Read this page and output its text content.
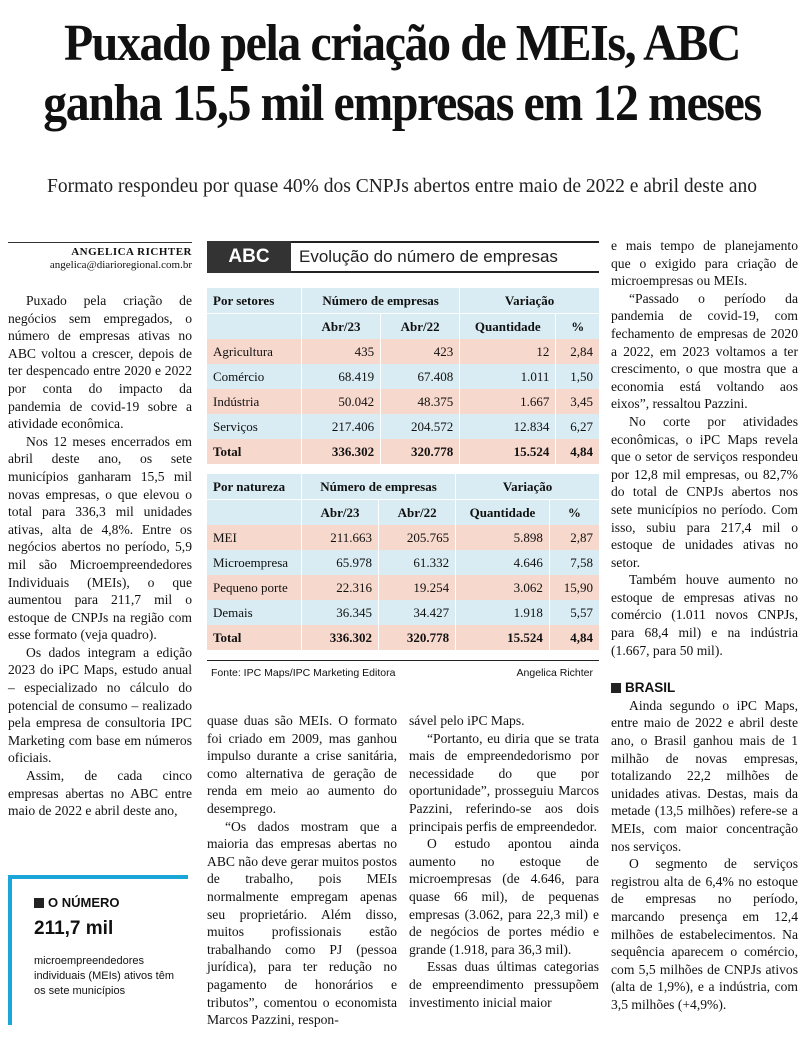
Puxado pela criação de MEIs, ABC
ganha 15,5 mil empresas em 12 meses
Formato respondeu por quase 40% dos CNPJs abertos entre maio de 2022 e abril deste ano
ANGELICA RICHTER
angelica@diarioregional.com.br

Puxado pela criação de negócios sem empregados, o número de empresas ativas no ABC voltou a crescer, depois de ter despencado entre 2020 e 2022 por conta do impacto da pandemia de covid-19 sobre a atividade econômica.

Nos 12 meses encerrados em abril deste ano, os sete municípios ganharam 15,5 mil novas empresas, o que elevou o total para 336,3 mil unidades ativas, alta de 4,8%. Entre os negócios abertos no período, 5,9 mil são Microempreendedores Individuais (MEIs), o que aumentou para 211,7 mil o estoque de CNPJs na região com esse formato (veja quadro).

Os dados integram a edição 2023 do iPC Maps, estudo anual – especializado no cálculo do potencial de consumo – realizado pela empresa de consultoria IPC Marketing com base em números oficiais.

Assim, de cada cinco empresas abertas no ABC entre maio de 2022 e abril deste ano,

O NÚMERO
211,7 mil
microempreendedores individuais (MEIs) ativos têm os sete municípios
ABC	Evolução do número de empresas
Por setores	Número de empresas		Variação	
	Abr/23	Abr/22	Quantidade	%
Agricultura	435	423	12	2,84
Comércio	68.419	67.408	1.011	1,50
Indústria	50.042	48.375	1.667	3,45
Serviços	217.406	204.572	12.834	6,27
Total	336.302	320.778	15.524	4,84
Por natureza	Número de empresas		Variação	
	Abr/23	Abr/22	Quantidade	%
MEI	211.663	205.765	5.898	2,87
Microempresa	65.978	61.332	4.646	7,58
Pequeno porte	22.316	19.254	3.062	15,90
Demais	36.345	34.427	1.918	5,57
Total	336.302	320.778	15.524	4,84
Fonte: IPC Maps/IPC Marketing Editora	Angelica Richter

quase duas são MEIs. O formato foi criado em 2009, mas ganhou impulso durante a crise sanitária, como alternativa de geração de renda em meio ao aumento do desemprego.

“Os dados mostram que a maioria das empresas abertas no ABC não deve gerar muitos postos de trabalho, pois MEIs normalmente empregam apenas seu proprietário. Além disso, muitos profissionais estão trabalhando como PJ (pessoa jurídica), para ter redução no pagamento de honorários e tributos”, comentou o economista Marcos Pazzini, respon-

sável pelo iPC Maps.

“Portanto, eu diria que se trata mais de empreendedorismo por necessidade do que por oportunidade”, prosseguiu Marcos Pazzini, referindo-se aos dois principais perfis de empreendedor.

O estudo apontou ainda aumento no estoque de microempresas (de 4.646, para quase 66 mil), de pequenas empresas (3.062, para 22,3 mil) e de negócios de portes médio e grande (1.918, para 36,3 mil).

Essas duas últimas categorias de empreendimento pressupõem investimento inicial maior

e mais tempo de planejamento que o exigido para criação de microempresas ou MEIs.

“Passado o período da pandemia de covid-19, com fechamento de empresas de 2020 a 2022, em 2023 voltamos a ter crescimento, o que mostra que a economia está voltando aos eixos”, ressaltou Pazzini.

No corte por atividades econômicas, o iPC Maps revela que o setor de serviços respondeu por 12,8 mil empresas, ou 82,7% do total de CNPJs abertos nos sete municípios no período. Com isso, subiu para 217,4 mil o estoque de unidades ativas no setor.

Também houve aumento no estoque de empresas ativas no comércio (1.011 novos CNPJs, para 68,4 mil) e na indústria (1.667, para 50 mil).

BRASIL

Ainda segundo o iPC Maps, entre maio de 2022 e abril deste ano, o Brasil ganhou mais de 1 milhão de novas empresas, totalizando 22,2 milhões de unidades ativas. Destas, mais da metade (13,5 milhões) refere-se a MEIs, com maior concentração nos serviços.

O segmento de serviços registrou alta de 6,4% no estoque de empresas no período, marcando presença em 12,4 milhões de estabelecimentos. Na sequência aparecem o comércio, com 5,5 milhões de CNPJs ativos (alta de 1,9%), e a indústria, com 3,5 milhões (+4,9%).
